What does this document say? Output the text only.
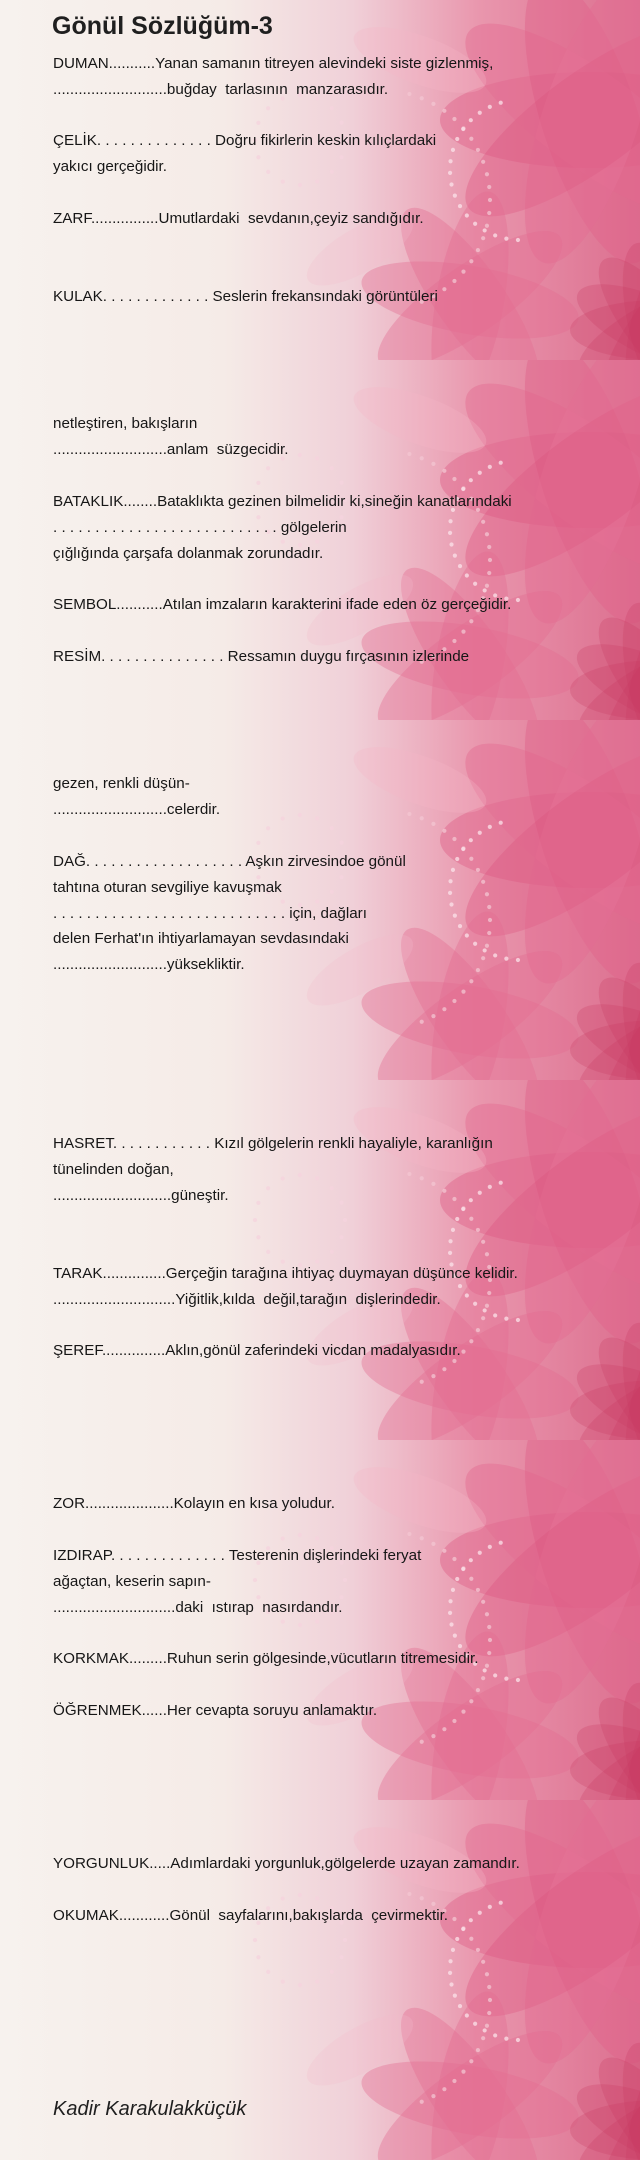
Gönül Sözlüğüm-3
DUMAN...........Yanan samanın titreyen alevindeki siste gizlenmiş,
...........................buğday  tarlasının  manzarasıdır.
ÇELİK. . . . . . . . . . . . . . Doğru fikirlerin keskin kılıçlardaki
yakıcı gerçeğidir.
ZARF................Umutlardaki  sevdanın,çeyiz sandığıdır.
KULAK. . . . . . . . . . . . . Seslerin frekansındaki görüntüleri
netleştiren, bakışların
...........................anlam  süzgecidir.
BATAKLIK........Bataklıkta gezinen bilmelidir ki,sineğin kanatlarındaki
. . . . . . . . . . . . . . . . . . . . . . . . . . . gölgelerin
çığlığında çarşafa dolanmak zorundadır.
SEMBOL...........Atılan imzaların karakterini ifade eden öz gerçeğidir.
RESİM. . . . . . . . . . . . . . . Ressamın duygu fırçasının izlerinde
gezen, renkli düşün-
...........................celerdir.
DAĞ. . . . . . . . . . . . . . . . . . . Aşkın zirvesindoe gönül
tahtına oturan sevgiliye kavuşmak
. . . . . . . . . . . . . . . . . . . . . . . . . . . . için, dağları
delen Ferhat'ın ihtiyarlamayan sevdasındaki
...........................yüksekliktir.
HASRET. . . . . . . . . . . . Kızıl gölgelerin renkli hayaliyle, karanlığın
tünelinden doğan,
............................güneştir.
TARAK...............Gerçeğin tarağına ihtiyaç duymayan düşünce kelidir.
.............................Yiğitlik,kılda  değil,tarağın  dişlerindedir.
ŞEREF...............Aklın,gönül zaferindeki vicdan madalyasıdır.
ZOR.....................Kolayın en kısa yoludur.
IZDIRAP. . . . . . . . . . . . . . Testerenin dişlerindeki feryat
ağaçtan, keserin sapın-
.............................daki  ıstırap  nasırdandır.
KORKMAK.........Ruhun serin gölgesinde,vücutların titremesidir.
ÖĞRENMEK......Her cevapta soruyu anlamaktır.
YORGUNLUK.....Adımlardaki yorgunluk,gölgelerde uzayan zamandır.
OKUMAK............Gönül  sayfalarını,bakışlarda  çevirmektir.
Kadir Karakulakküçük
